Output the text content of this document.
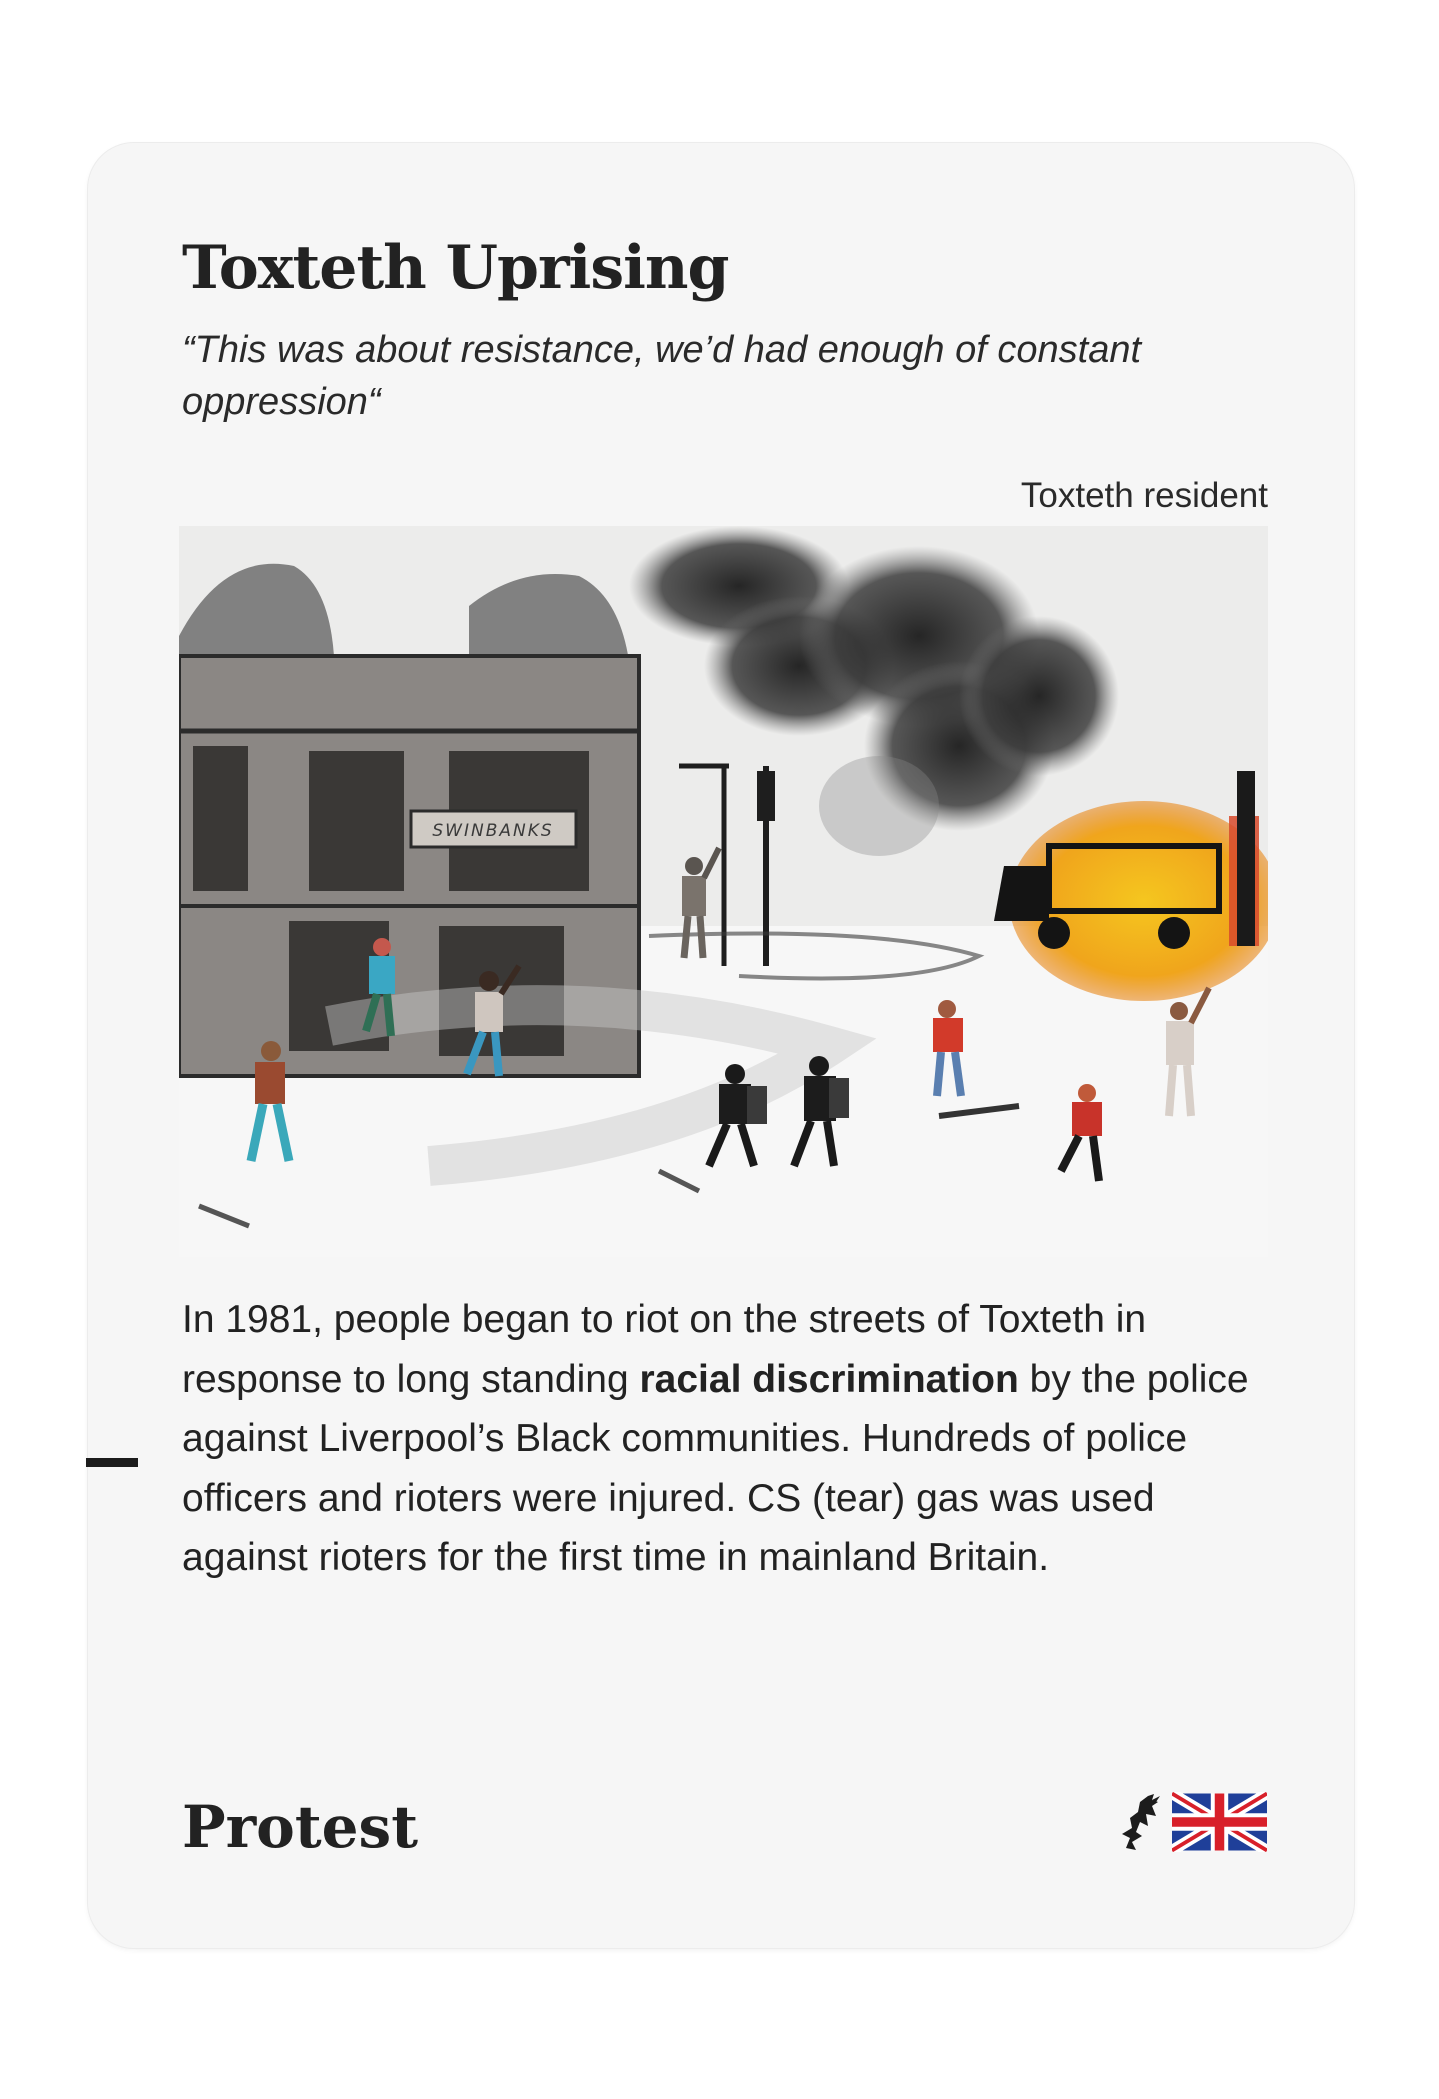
Toxteth Uprising

“This was about resistance, we’d had enough of constant oppression“

Toxteth resident

SWINBANKS

In 1981, people began to riot on the streets of Toxteth in response to long standing racial discrimination by the police against Liverpool’s Black communities. Hundreds of police officers and rioters were injured. CS (tear) gas was used against rioters for the first time in mainland Britain.

Protest
